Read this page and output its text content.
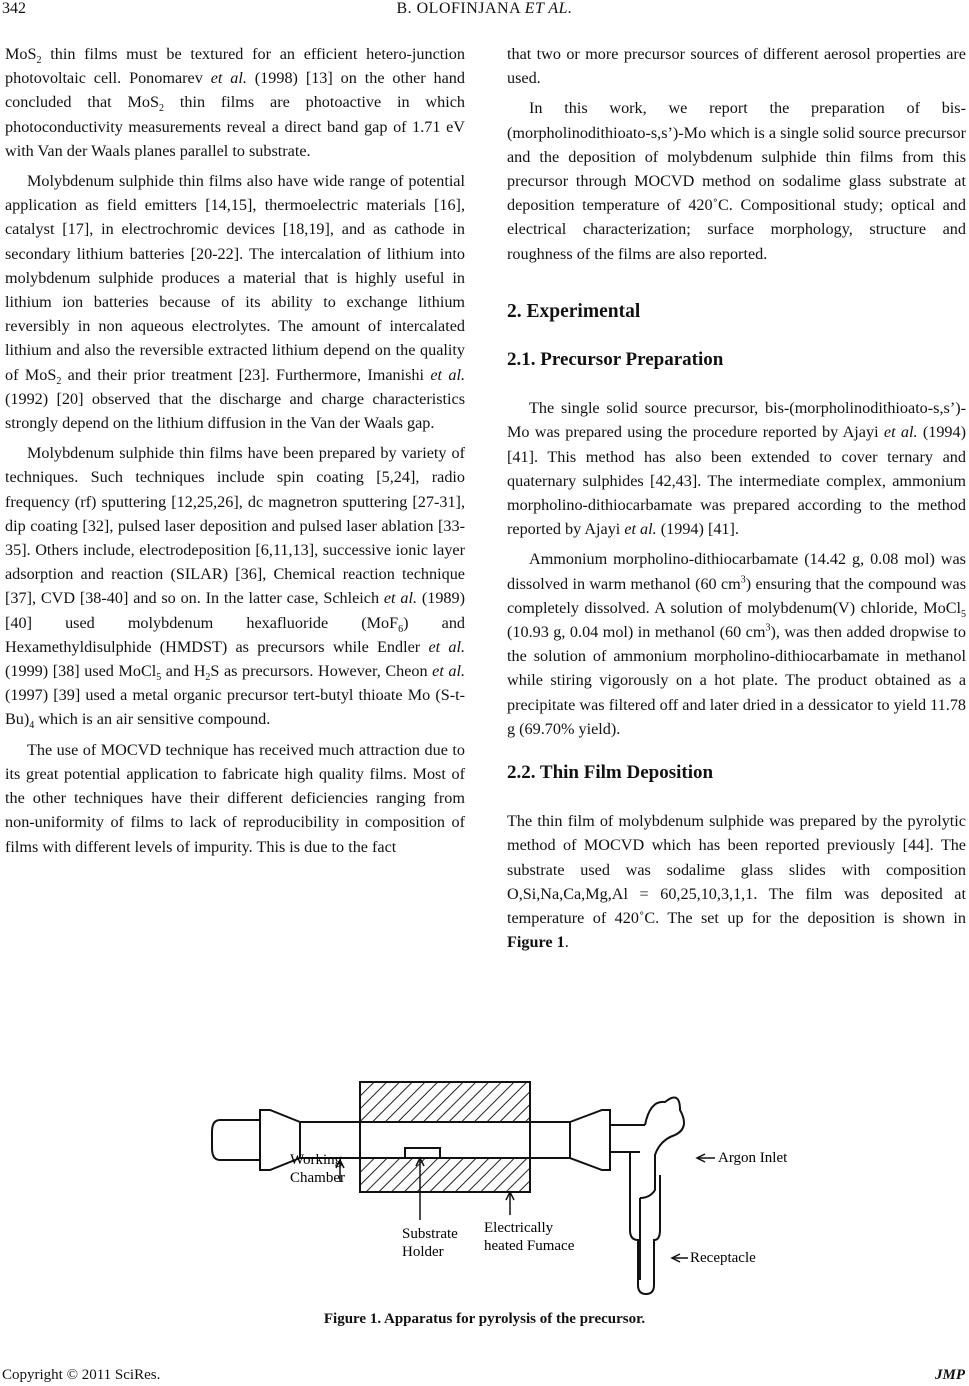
342	B. OLOFINJANA ET AL.

MoS$_2$ thin films must be textured for an efficient hetero-junction photovoltaic cell. Ponomarev et al. (1998) [13] on the other hand concluded that MoS$_2$ thin films are photoactive in which photoconductivity measurements reveal a direct band gap of 1.71 eV with Van der Waals planes parallel to substrate.

Molybdenum sulphide thin films also have wide range of potential application as field emitters [14,15], thermoelectric materials [16], catalyst [17], in electrochromic devices [18,19], and as cathode in secondary lithium batteries [20-22]. The intercalation of lithium into molybdenum sulphide produces a material that is highly useful in lithium ion batteries because of its ability to exchange lithium reversibly in non aqueous electrolytes. The amount of intercalated lithium and also the reversible extracted lithium depend on the quality of MoS$_2$ and their prior treatment [23]. Furthermore, Imanishi et al. (1992) [20] observed that the discharge and charge characteristics strongly depend on the lithium diffusion in the Van der Waals gap.

Molybdenum sulphide thin films have been prepared by variety of techniques. Such techniques include spin coating [5,24], radio frequency (rf) sputtering [12,25,26], dc magnetron sputtering [27-31], dip coating [32], pulsed laser deposition and pulsed laser ablation [33-35]. Others include, electrodeposition [6,11,13], successive ionic layer adsorption and reaction (SILAR) [36], Chemical reaction technique [37], CVD [38-40] and so on. In the latter case, Schleich et al. (1989) [40] used molybdenum hexafluoride (MoF$_6$) and Hexamethyldisulphide (HMDST) as precursors while Endler et al. (1999) [38] used MoCl$_5$ and $H_2S$ as precursors. However, Cheon et al. (1997) [39] used a metal organic precursor tert-butyl thioate Mo $(S-t-Bu)_4$ which is an air sensitive compound.

The use of MOCVD technique has received much attraction due to its great potential application to fabricate high quality films. Most of the other techniques have their different deficiencies ranging from non-uniformity of films to lack of reproducibility in composition of films with different levels of impurity. This is due to the fact

that two or more precursor sources of different aerosol properties are used.

In this work, we report the preparation of bis-(morpholinodithioato-s,s’)-Mo which is a single solid source precursor and the deposition of molybdenum sulphide thin films from this precursor through MOCVD method on sodalime glass substrate at deposition temperature of 420˚C. Compositional study; optical and electrical characterization; surface morphology, structure and roughness of the films are also reported.

2. Experimental

2.1. Precursor Preparation

The single solid source precursor, bis-(morpholinodithioato-s,s’)-Mo was prepared using the procedure reported by Ajayi et al. (1994) [41]. This method has also been extended to cover ternary and quaternary sulphides [42,43]. The intermediate complex, ammonium morpholino-dithiocarbamate was prepared according to the method reported by Ajayi et al. (1994) [41].

Ammonium morpholino-dithiocarbamate (14.42 g, 0.08 mol) was dissolved in warm methanol (60 $cm^3$) ensuring that the compound was completely dissolved. A solution of molybdenum(V) chloride, MoCl$_5$ (10.93 g, 0.04 mol) in methanol (60 $cm^3$), was then added dropwise to the solution of ammonium morpholino-dithiocarbamate in methanol while stiring vigorously on a hot plate. The product obtained as a precipitate was filtered off and later dried in a dessicator to yield 11.78 g (69.70% yield).

2.2. Thin Film Deposition

The thin film of molybdenum sulphide was prepared by the pyrolytic method of MOCVD which has been reported previously [44]. The substrate used was sodalime glass slides with composition O,Si,Na,Ca,Mg,Al = 60,25,10,3,1,1. The film was deposited at temperature of 420˚C. The set up for the deposition is shown in Figure 1.

Working
Chamber
Substrate
Holder
Electrically
heated Fumace
Argon Inlet
Receptacle
Figure 1. Apparatus for pyrolysis of the precursor.
Copyright © 2011 SciRes.	JMP
